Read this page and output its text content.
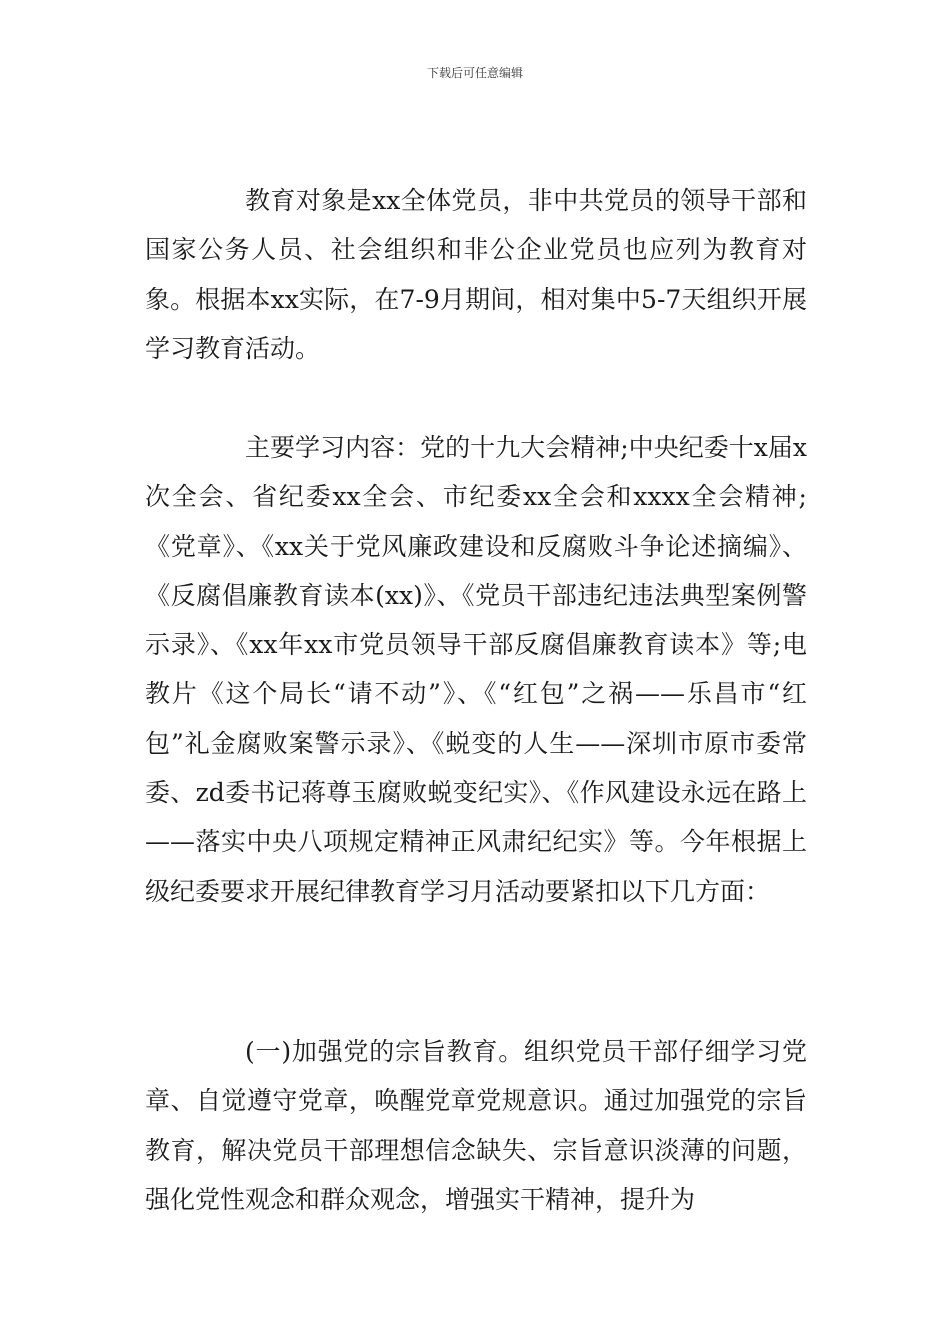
下载后可任意编辑

教育对象是xx全体党员，非中共党员的领导干部和国家公务人员、社会组织和非公企业党员也应列为教育对象。根据本xx实际，在7-9月期间，相对集中5-7天组织开展学习教育活动。

主要学习内容：党的十九大会精神;中央纪委十x届x次全会、省纪委xx全会、市纪委xx全会和xxxx全会精神;《党章》、《xx关于党风廉政建设和反腐败斗争论述摘编》、《反腐倡廉教育读本(xx)》、《党员干部违纪违法典型案例警示录》、《xx年xx市党员领导干部反腐倡廉教育读本》等;电教片《这个局长“请不动”》、《“红包”之祸——乐昌市“红包”礼金腐败案警示录》、《蜕变的人生——深圳市原市委常委、zd委书记蒋尊玉腐败蜕变纪实》、《作风建设永远在路上——落实中央八项规定精神正风肃纪纪实》等。今年根据上级纪委要求开展纪律教育学习月活动要紧扣以下几方面：

(一)加强党的宗旨教育。组织党员干部仔细学习党章、自觉遵守党章，唤醒党章党规意识。通过加强党的宗旨教育，解决党员干部理想信念缺失、宗旨意识淡薄的问题，强化党性观念和群众观念，增强实干精神，提升为
